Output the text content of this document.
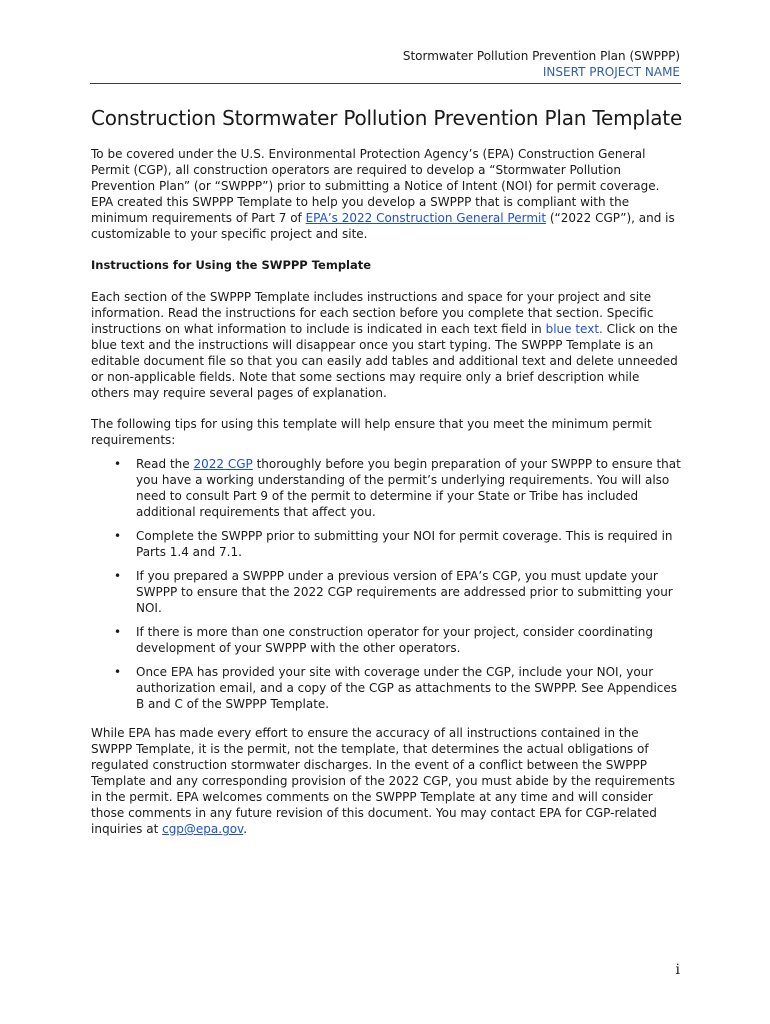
Stormwater Pollution Prevention Plan (SWPPP)
INSERT PROJECT NAME
Construction Stormwater Pollution Prevention Plan Template

To be covered under the U.S. Environmental Protection Agency’s (EPA) Construction General Permit (CGP), all construction operators are required to develop a “Stormwater Pollution Prevention Plan” (or “SWPPP”) prior to submitting a Notice of Intent (NOI) for permit coverage. EPA created this SWPPP Template to help you develop a SWPPP that is compliant with the minimum requirements of Part 7 of EPA’s 2022 Construction General Permit (“2022 CGP”), and is customizable to your specific project and site.

Instructions for Using the SWPPP Template

Each section of the SWPPP Template includes instructions and space for your project and site information. Read the instructions for each section before you complete that section. Specific instructions on what information to include is indicated in each text field in blue text. Click on the blue text and the instructions will disappear once you start typing. The SWPPP Template is an editable document file so that you can easily add tables and additional text and delete unneeded or non-applicable fields. Note that some sections may require only a brief description while others may require several pages of explanation.

The following tips for using this template will help ensure that you meet the minimum permit requirements:

• Read the 2022 CGP thoroughly before you begin preparation of your SWPPP to ensure that you have a working understanding of the permit’s underlying requirements. You will also need to consult Part 9 of the permit to determine if your State or Tribe has included additional requirements that affect you.
• Complete the SWPPP prior to submitting your NOI for permit coverage. This is required in Parts 1.4 and 7.1.
• If you prepared a SWPPP under a previous version of EPA’s CGP, you must update your SWPPP to ensure that the 2022 CGP requirements are addressed prior to submitting your NOI.
• If there is more than one construction operator for your project, consider coordinating development of your SWPPP with the other operators.
• Once EPA has provided your site with coverage under the CGP, include your NOI, your authorization email, and a copy of the CGP as attachments to the SWPPP. See Appendices B and C of the SWPPP Template.

While EPA has made every effort to ensure the accuracy of all instructions contained in the SWPPP Template, it is the permit, not the template, that determines the actual obligations of regulated construction stormwater discharges. In the event of a conflict between the SWPPP Template and any corresponding provision of the 2022 CGP, you must abide by the requirements in the permit. EPA welcomes comments on the SWPPP Template at any time and will consider those comments in any future revision of this document. You may contact EPA for CGP-related inquiries at cgp@epa.gov.

i
